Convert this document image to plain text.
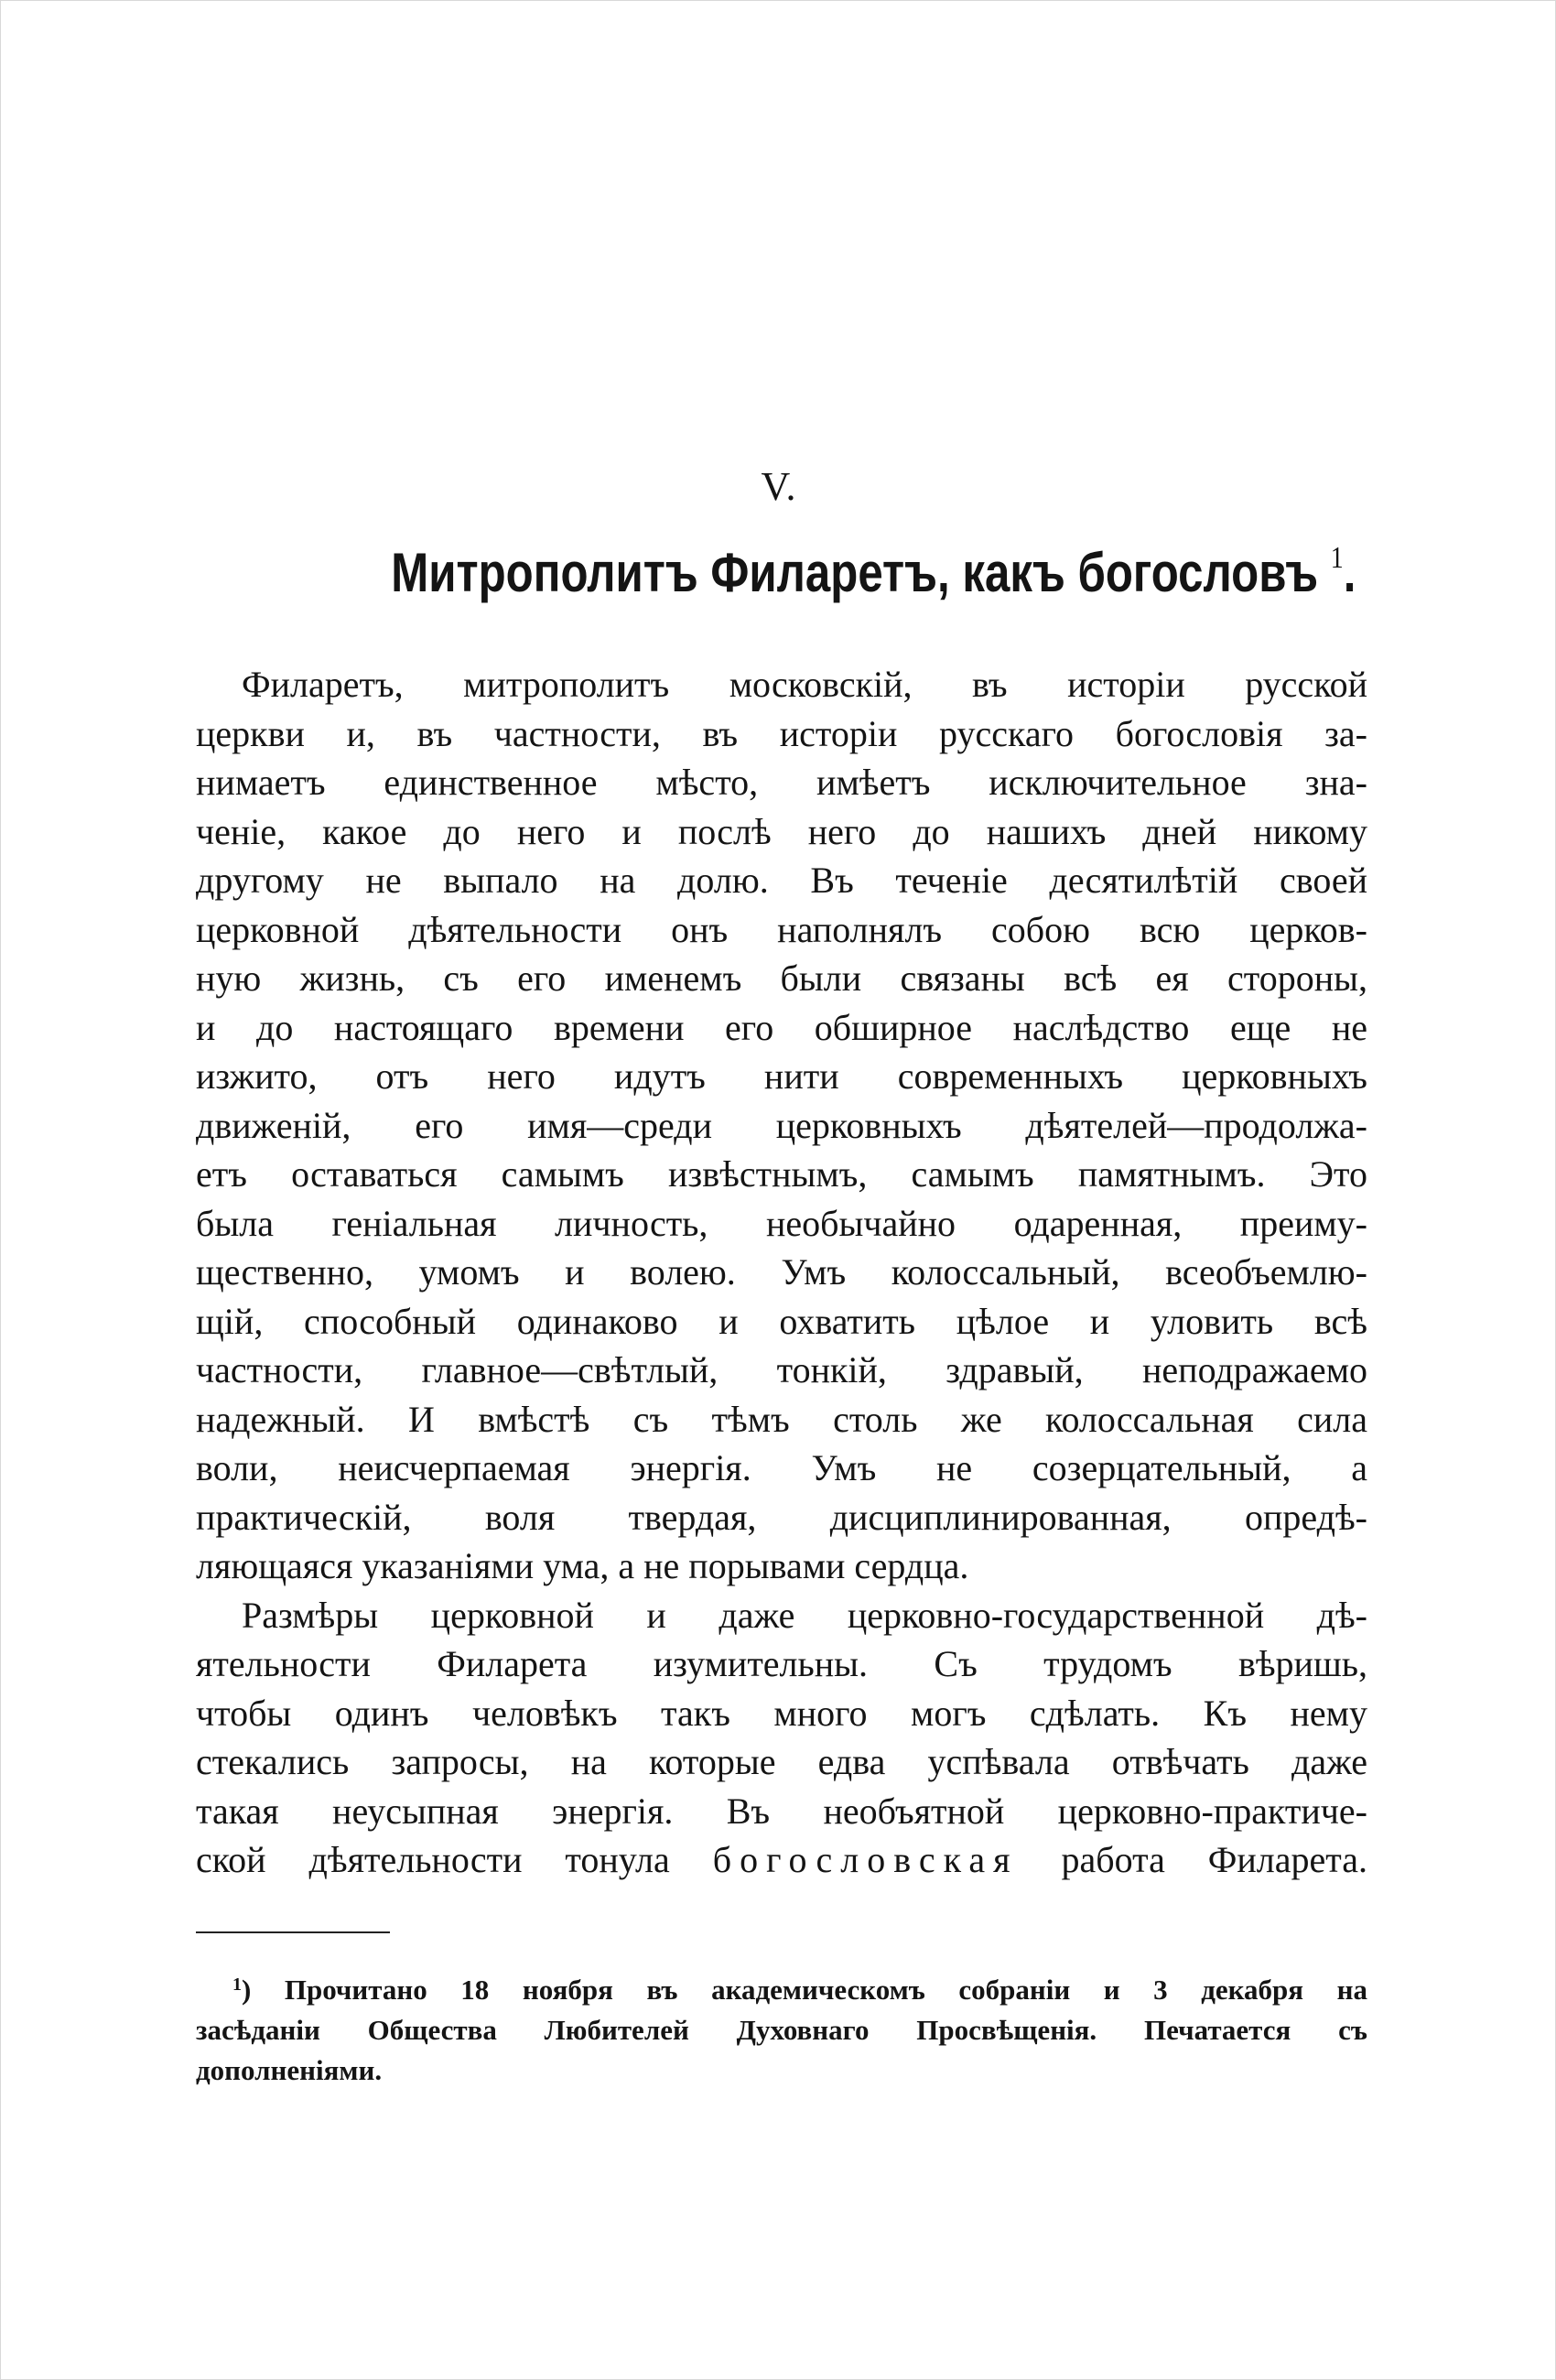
V.
Митрополитъ Филаретъ, какъ богословъ $^1$.
Филаретъ, митрополитъ московскій, въ исторіи русской
церкви и, въ частности, въ исторіи русскаго богословія за-
нимаетъ единственное мѣсто, имѣетъ исключительное зна-
ченіе, какое до него и послѣ него до нашихъ дней никому
другому не выпало на долю. Въ теченіе десятилѣтій своей
церковной дѣятельности онъ наполнялъ собою всю церков-
ную жизнь, съ его именемъ были связаны всѣ ея стороны,
и до настоящаго времени его обширное наслѣдство еще не
изжито, отъ него идутъ нити современныхъ церковныхъ
движеній, его имя—среди церковныхъ дѣятелей—продолжа-
етъ оставаться самымъ извѣстнымъ, самымъ памятнымъ. Это
была геніальная личность, необычайно одаренная, преиму-
щественно, умомъ и волею. Умъ колоссальный, всеобъемлю-
щій, способный одинаково и охватить цѣлое и уловить всѣ
частности, главное—свѣтлый, тонкій, здравый, неподражаемо
надежный. И вмѣстѣ съ тѣмъ столь же колоссальная сила
воли, неисчерпаемая энергія. Умъ не созерцательный, а
практическій, воля твердая, дисциплинированная, опредѣ-
ляющаяся указаніями ума, а не порывами сердца.
Размѣры церковной и даже церковно-государственной дѣ-
ятельности Филарета изумительны. Съ трудомъ вѣришь,
чтобы одинъ человѣкъ такъ много могъ сдѣлать. Къ нему
стекались запросы, на которые едва успѣвала отвѣчать даже
такая неусыпная энергія. Въ необъятной церковно-практиче-
ской дѣятельности тонула богословская работа Филарета.
$^1$) Прочитано 18 ноября въ академическомъ собраніи и 3 декабря на
засѣданіи Общества Любителей Духовнаго Просвѣщенія. Печатается съ
дополненіями.
